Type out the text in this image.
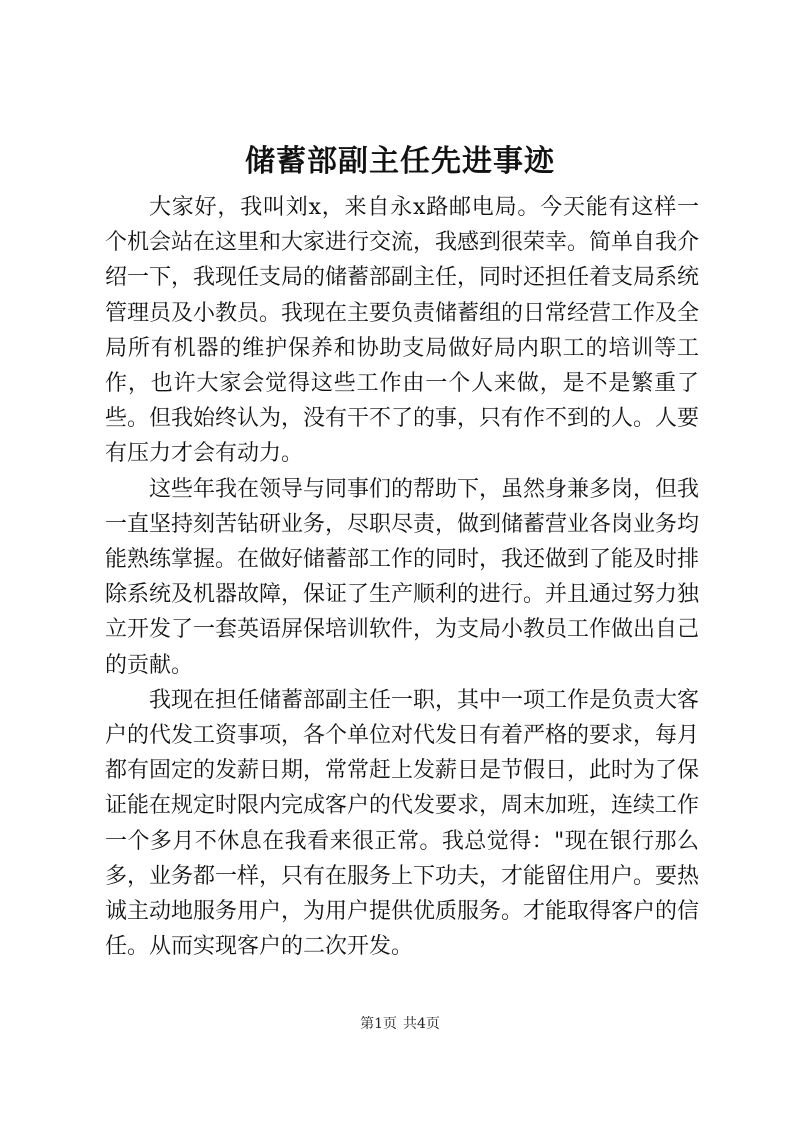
储蓄部副主任先进事迹

大家好，我叫刘x，来自永x路邮电局。今天能有这样一个机会站在这里和大家进行交流，我感到很荣幸。简单自我介绍一下，我现任支局的储蓄部副主任，同时还担任着支局系统管理员及小教员。我现在主要负责储蓄组的日常经营工作及全局所有机器的维护保养和协助支局做好局内职工的培训等工作，也许大家会觉得这些工作由一个人来做，是不是繁重了些。但我始终认为，没有干不了的事，只有作不到的人。人要有压力才会有动力。

这些年我在领导与同事们的帮助下，虽然身兼多岗，但我一直坚持刻苦钻研业务，尽职尽责，做到储蓄营业各岗业务均能熟练掌握。在做好储蓄部工作的同时，我还做到了能及时排除系统及机器故障，保证了生产顺利的进行。并且通过努力独立开发了一套英语屏保培训软件，为支局小教员工作做出自己的贡献。

我现在担任储蓄部副主任一职，其中一项工作是负责大客户的代发工资事项，各个单位对代发日有着严格的要求，每月都有固定的发薪日期，常常赶上发薪日是节假日，此时为了保证能在规定时限内完成客户的代发要求，周末加班，连续工作一个多月不休息在我看来很正常。我总觉得："现在银行那么多，业务都一样，只有在服务上下功夫，才能留住用户。要热诚主动地服务用户，为用户提供优质服务。才能取得客户的信任。从而实现客户的二次开发。

第1页 共4页
